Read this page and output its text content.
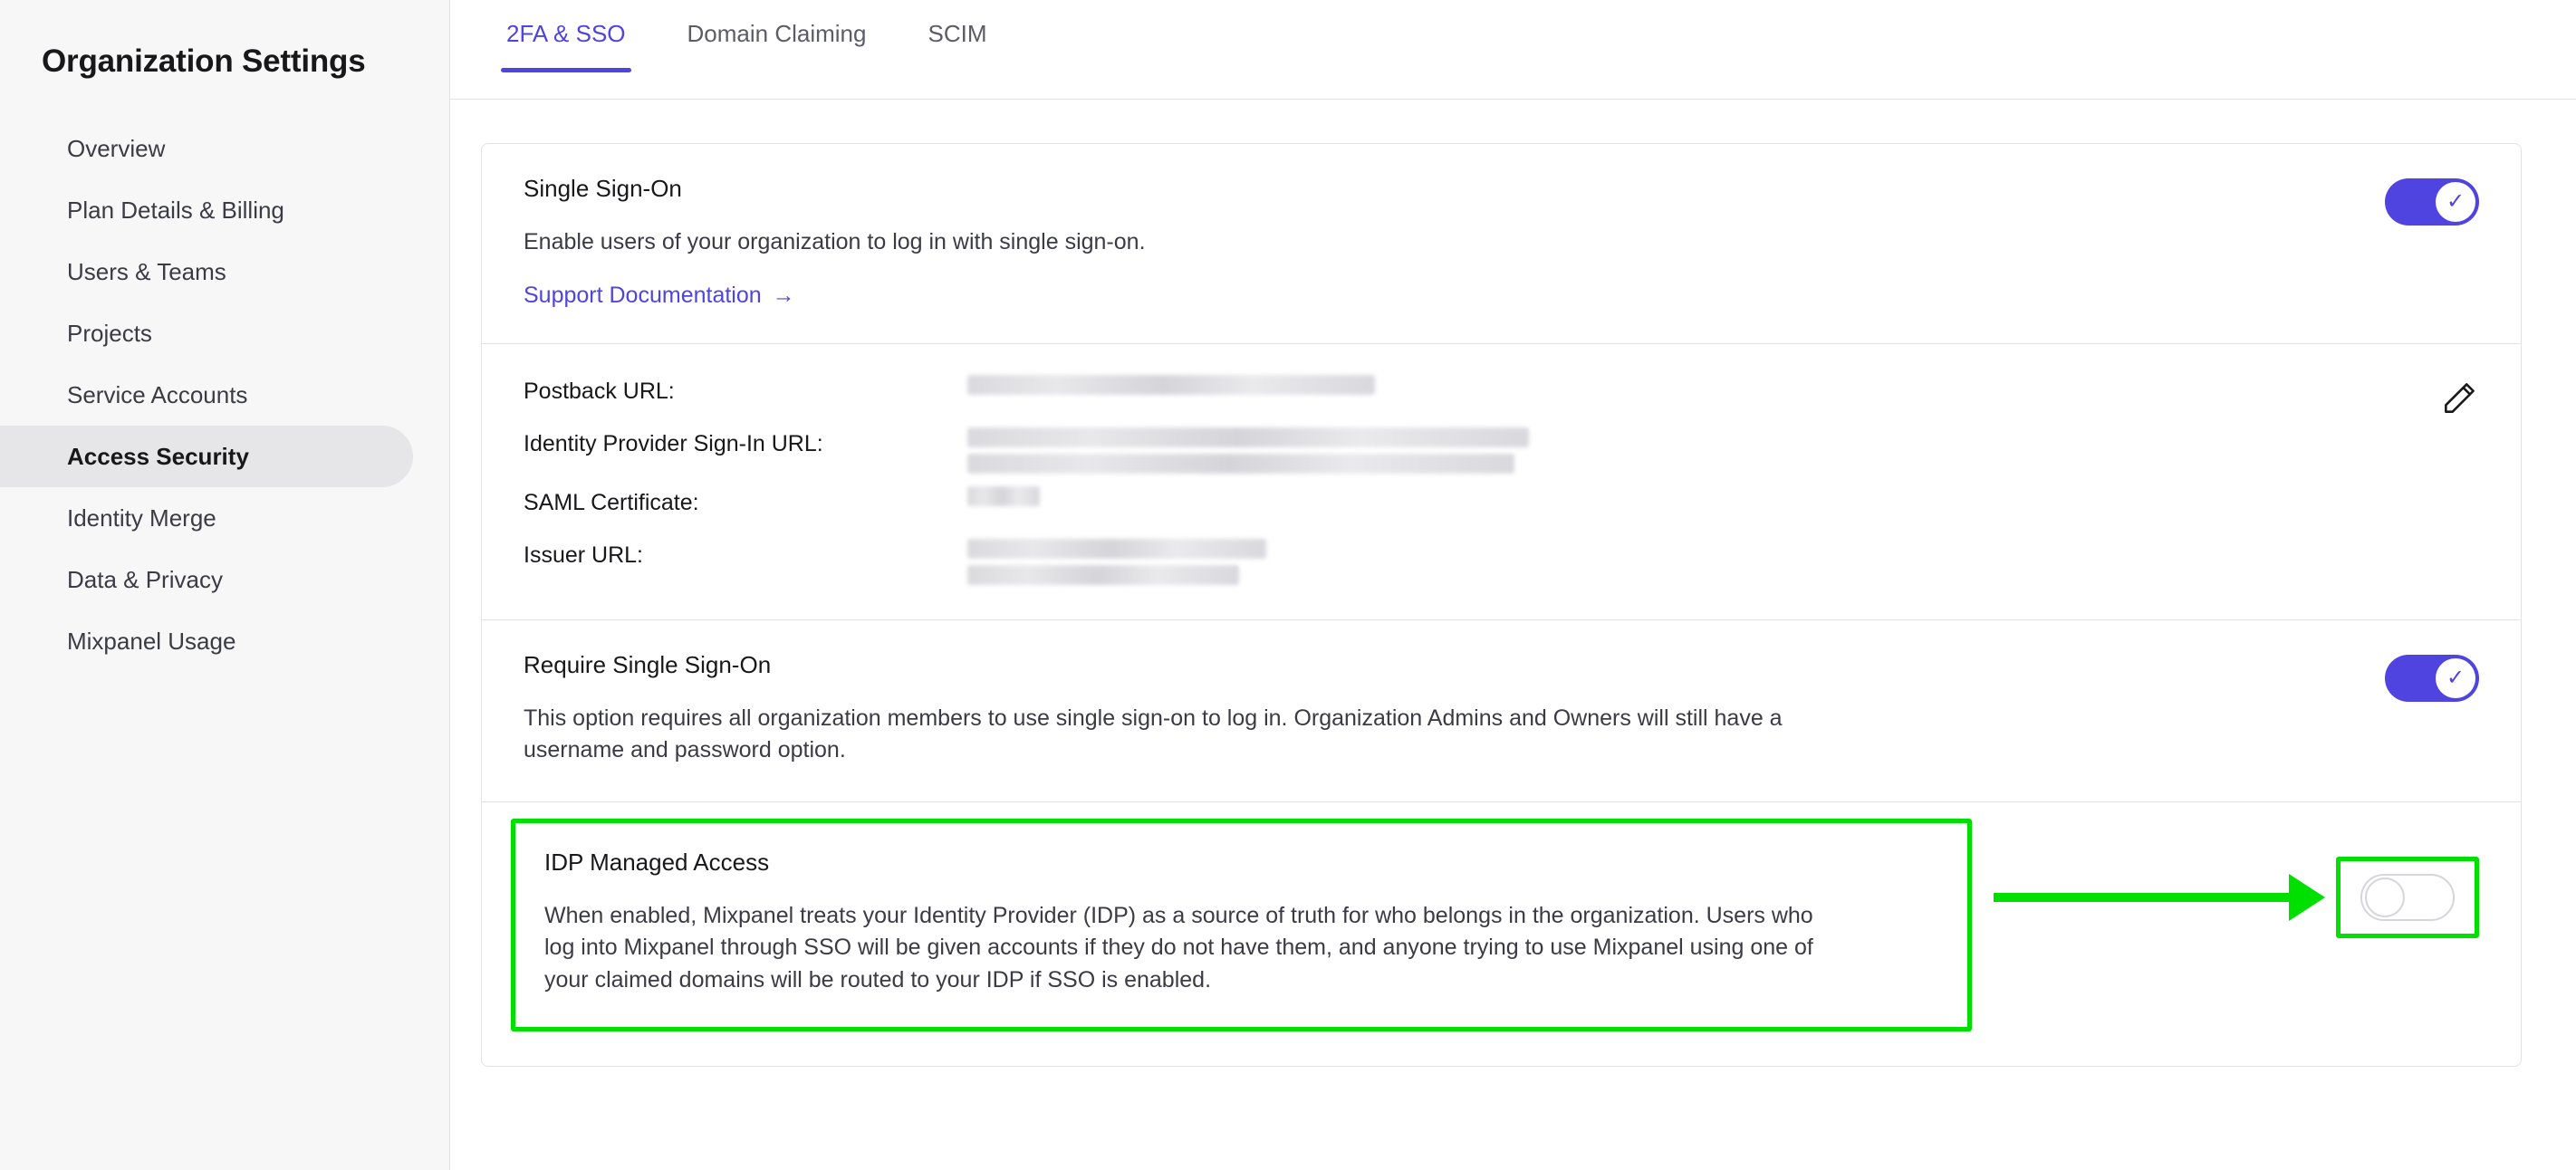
Organization Settings
Overview
Plan Details & Billing
Users & Teams
Projects
Service Accounts
Access Security
Identity Merge
Data & Privacy
Mixpanel Usage
2FA & SSO	Domain Claiming	SCIM
Single Sign-On
Enable users of your organization to log in with single sign-on.
Support Documentation →
✓
Postback URL:
Identity Provider Sign-In URL:
SAML Certificate:
Issuer URL:
Require Single Sign-On
This option requires all organization members to use single sign-on to log in. Organization Admins and Owners will still have a username and password option.
✓
IDP Managed Access
When enabled, Mixpanel treats your Identity Provider (IDP) as a source of truth for who belongs in the organization. Users who log into Mixpanel through SSO will be given accounts if they do not have them, and anyone trying to use Mixpanel using one of your claimed domains will be routed to your IDP if SSO is enabled.
